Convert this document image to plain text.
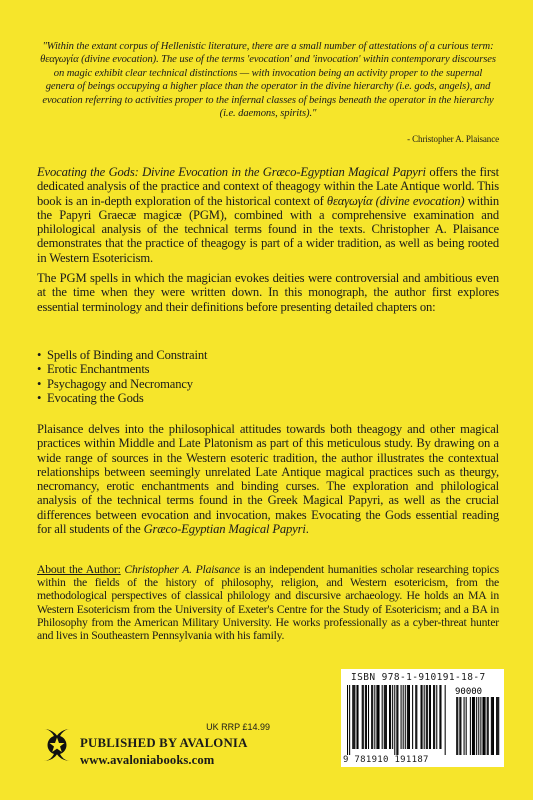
"Within the extant corpus of Hellenistic literature, there are a small number of attestations of a curious term: θεαγωγία (divine evocation). The use of the terms 'evocation' and 'invocation' within contemporary discourses on magic exhibit clear technical distinctions — with invocation being an activity proper to the supernal genera of beings occupying a higher place than the operator in the divine hierarchy (i.e. gods, angels), and evocation referring to activities proper to the infernal classes of beings beneath the operator in the hierarchy (i.e. daemons, spirits)."
- Christopher A. Plaisance
Evocating the Gods: Divine Evocation in the Græco-Egyptian Magical Papyri offers the first dedicated analysis of the practice and context of theagogy within the Late Antique world. This book is an in-depth exploration of the historical context of θεαγωγία (divine evocation) within the Papyri Graecæ magicæ (PGM), combined with a comprehensive examination and philological analysis of the technical terms found in the texts. Christopher A. Plaisance demonstrates that the practice of theagogy is part of a wider tradition, as well as being rooted in Western Esotericism.
The PGM spells in which the magician evokes deities were controversial and ambitious even at the time when they were written down. In this monograph, the author first explores essential terminology and their definitions before presenting detailed chapters on:
• Spells of Binding and Constraint
• Erotic Enchantments
• Psychagogy and Necromancy
• Evocating the Gods
Plaisance delves into the philosophical attitudes towards both theagogy and other magical practices within Middle and Late Platonism as part of this meticulous study. By drawing on a wide range of sources in the Western esoteric tradition, the author illustrates the contextual relationships between seemingly unrelated Late Antique magical practices such as theurgy, necromancy, erotic enchantments and binding curses. The exploration and philological analysis of the technical terms found in the Greek Magical Papyri, as well as the crucial differences between evocation and invocation, makes Evocating the Gods essential reading for all students of the Græco-Egyptian Magical Papyri.
About the Author: Christopher A. Plaisance is an independent humanities scholar researching topics within the fields of the history of philosophy, religion, and Western esotericism, from the methodological perspectives of classical philology and discursive archaeology. He holds an MA in Western Esotericism from the University of Exeter's Centre for the Study of Esotericism; and a BA in Philosophy from the American Military University. He works professionally as a cyber-threat hunter and lives in Southeastern Pennsylvania with his family.
ISBN 978-1-910191-18-7
90000
9 781910 191187
UK RRP £14.99
PUBLISHED BY AVALONIA
www.avaloniabooks.com
